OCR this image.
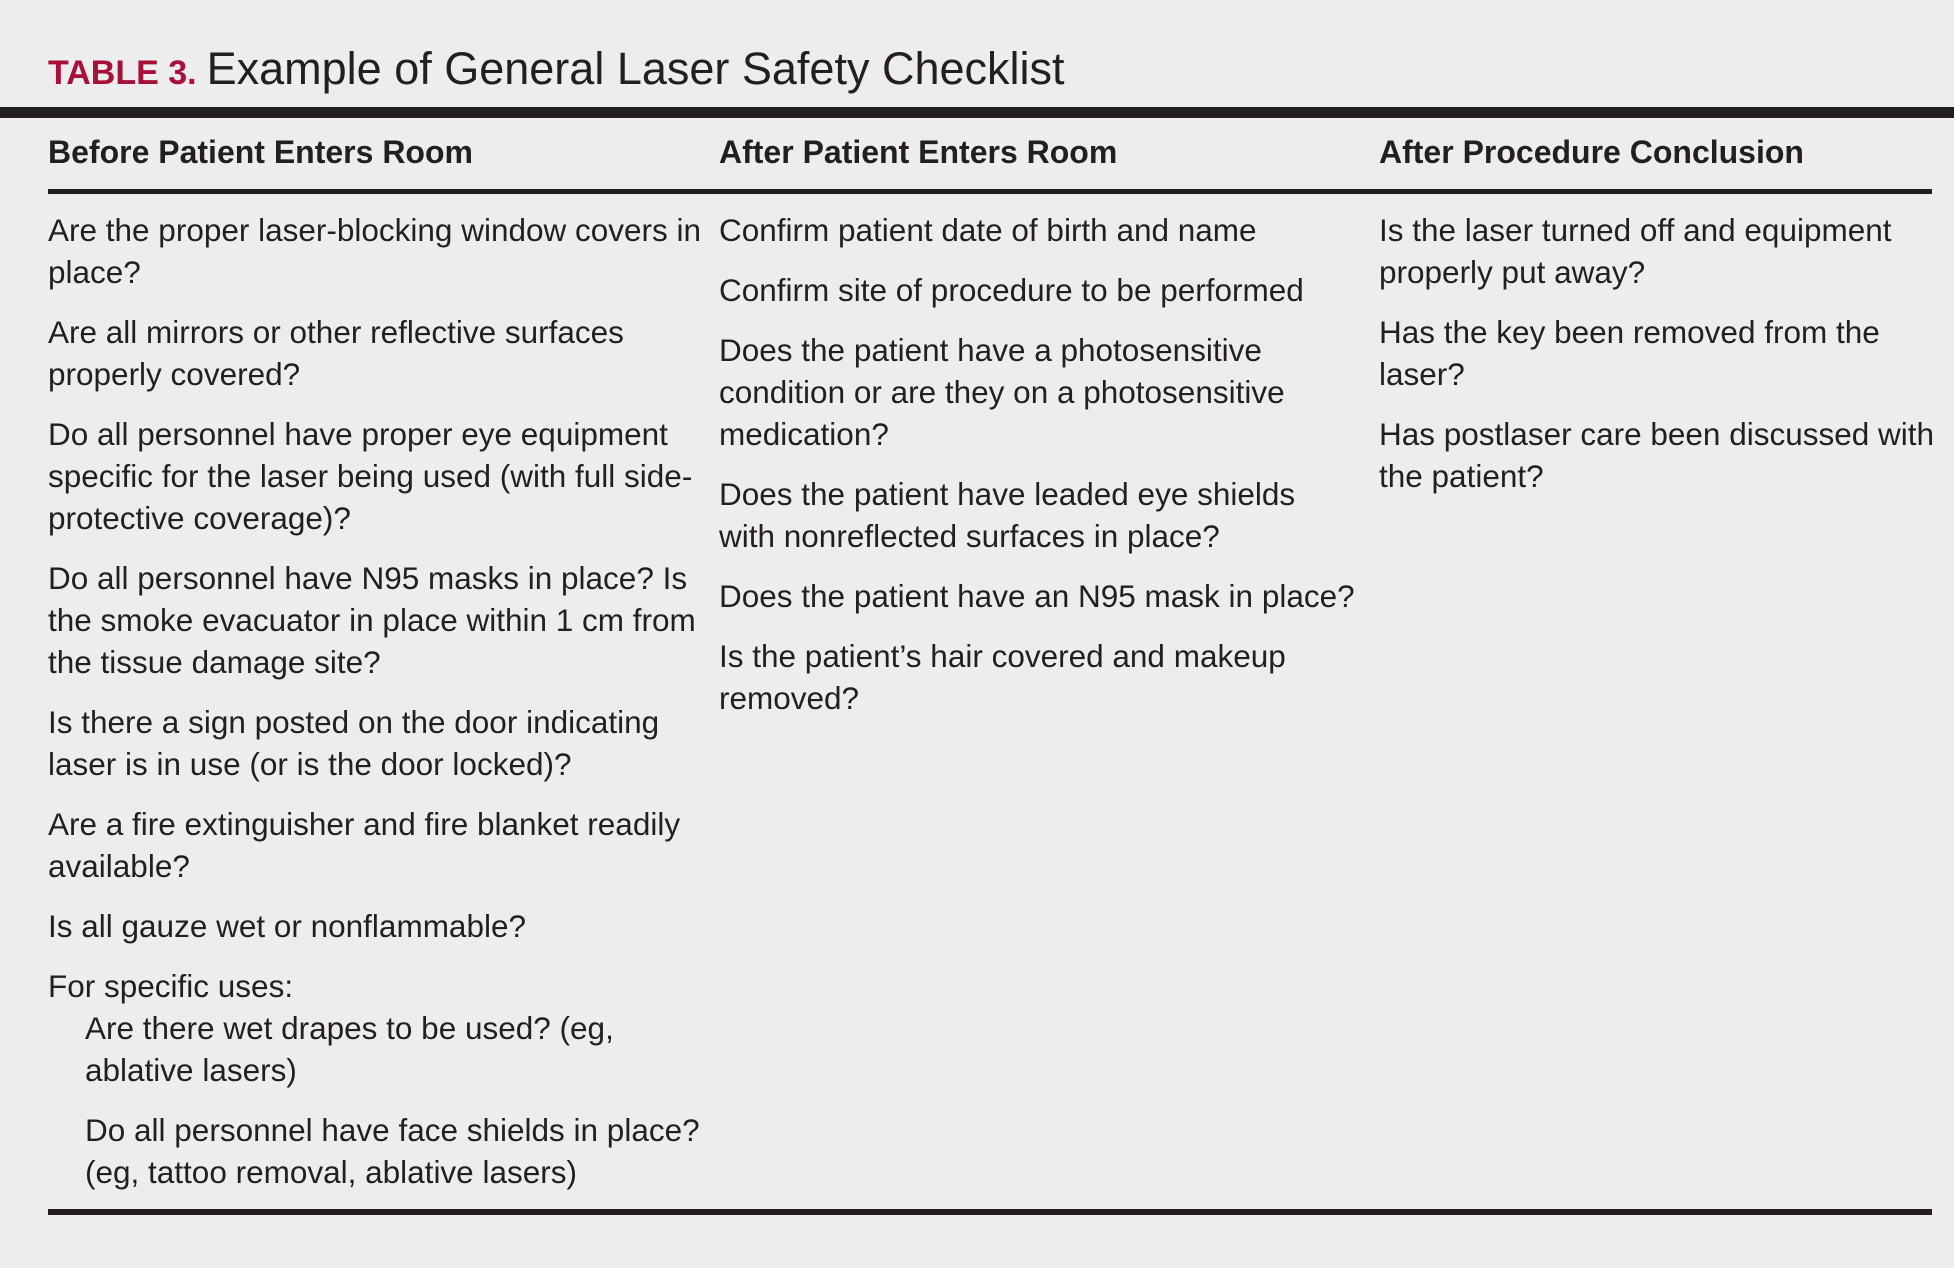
TABLE 3. Example of General Laser Safety Checklist
Before Patient Enters Room	After Patient Enters Room	After Procedure Conclusion
Are the proper laser-blocking window covers in place?
Are all mirrors or other reflective surfaces properly covered?
Do all personnel have proper eye equipment specific for the laser being used (with full side-protective coverage)?
Do all personnel have N95 masks in place? Is the smoke evacuator in place within 1 cm from the tissue damage site?
Is there a sign posted on the door indicating laser is in use (or is the door locked)?
Are a fire extinguisher and fire blanket readily available?
Is all gauze wet or nonflammable?
For specific uses:
Are there wet drapes to be used? (eg, ablative lasers)
Do all personnel have face shields in place? (eg, tattoo removal, ablative lasers)
Confirm patient date of birth and name
Confirm site of procedure to be performed
Does the patient have a photosensitive condition or are they on a photosensitive medication?
Does the patient have leaded eye shields with nonreflected surfaces in place?
Does the patient have an N95 mask in place?
Is the patient’s hair covered and makeup removed?
Is the laser turned off and equipment properly put away?
Has the key been removed from the laser?
Has postlaser care been discussed with the patient?
